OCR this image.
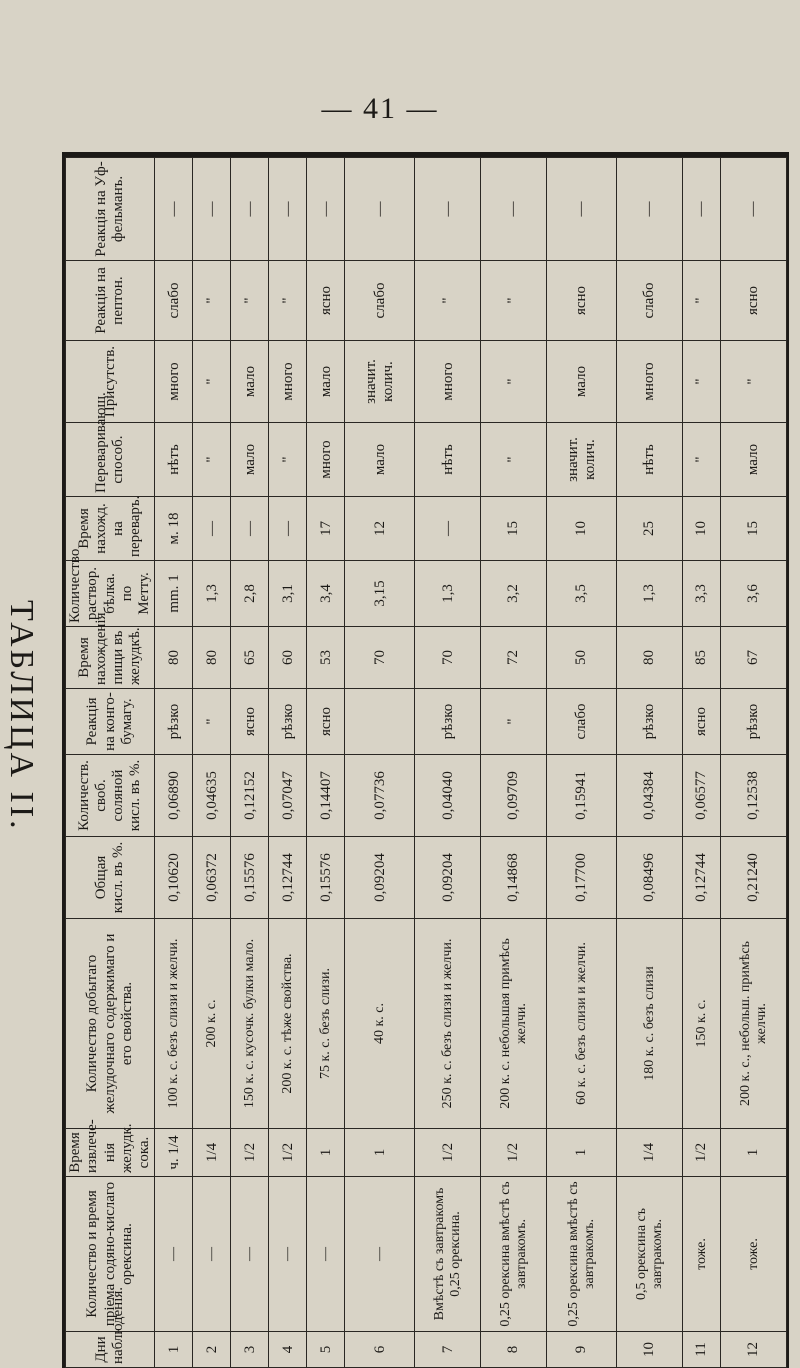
— 41 —
ТАБЛИЦА II.
Дни наблюденія.	Количество и время пріема содяно-кислаго орексина.	Время извлече-нія желудк. сока.	Количество добытаго желудочнаго содержимаго и его свойства.	Общая кисл. въ %.	Количеств. своб. соляной кисл. въ %.	Реакція на конго-бумагу.	Время нахожденія пищи въ желудкѣ.	Количество раствор. бѣлка. по Метту.	Время нахожд. на переваръ.	Переваривающ. способ.	Присутств.	Реакція на пептон.	Реакція на Уф-фельманъ.
1	—	ч. 1/4	100 к. с. безъ слизи и желчи.	0,10620	0,06890	рѣзко	80	mm. 1	м. 18	нѣтъ	много	слабо	—
2	—	1/4	200 к. с.	0,06372	0,04635	"	80	1,3	—	"	"	"	—
3	—	1/2	150 к. с. кусочк. булки мало.	0,15576	0,12152	ясно	65	2,8	—	мало	мало	"	—
4	—	1/2	200 к. с. тѣже свойства.	0,12744	0,07047	рѣзко	60	3,1	—	"	много	"	—
5	—	1	75 к. с. безъ слизи.	0,15576	0,14407	ясно	53	3,4	17	много	мало	ясно	—
6	—	1	40 к. с.	0,09204	0,07736		70	3,15	12	мало	значит. колич.	слабо	—
7	Вмѣстѣ съ завтракомъ 0,25 орексина.	1/2	250 к. с. безъ слизи и желчи.	0,09204	0,04040	рѣзко	70	1,3	—	нѣтъ	много	"	—
8	0,25 орексина вмѣстѣ съ завтракомъ.	1/2	200 к. с. небольшая примѣсь желчи.	0,14868	0,09709	"	72	3,2	15	"	"	"	—
9	0,25 орексина вмѣстѣ съ завтракомъ.	1	60 к. с. безъ слизи и желчи.	0,17700	0,15941	слабо	50	3,5	10	значит. колич.	мало	ясно	—
10	0,5 орексина съ завтракомъ.	1/4	180 к. с. безъ слизи	0,08496	0,04384	рѣзко	80	1,3	25	нѣтъ	много	слабо	—
11	тоже.	1/2	150 к. с.	0,12744	0,06577	ясно	85	3,3	10	"	"	"	—
12	тоже.	1	200 к. с., небольш. примѣсь желчи.	0,21240	0,12538	рѣзко	67	3,6	15	мало	"	ясно	—
